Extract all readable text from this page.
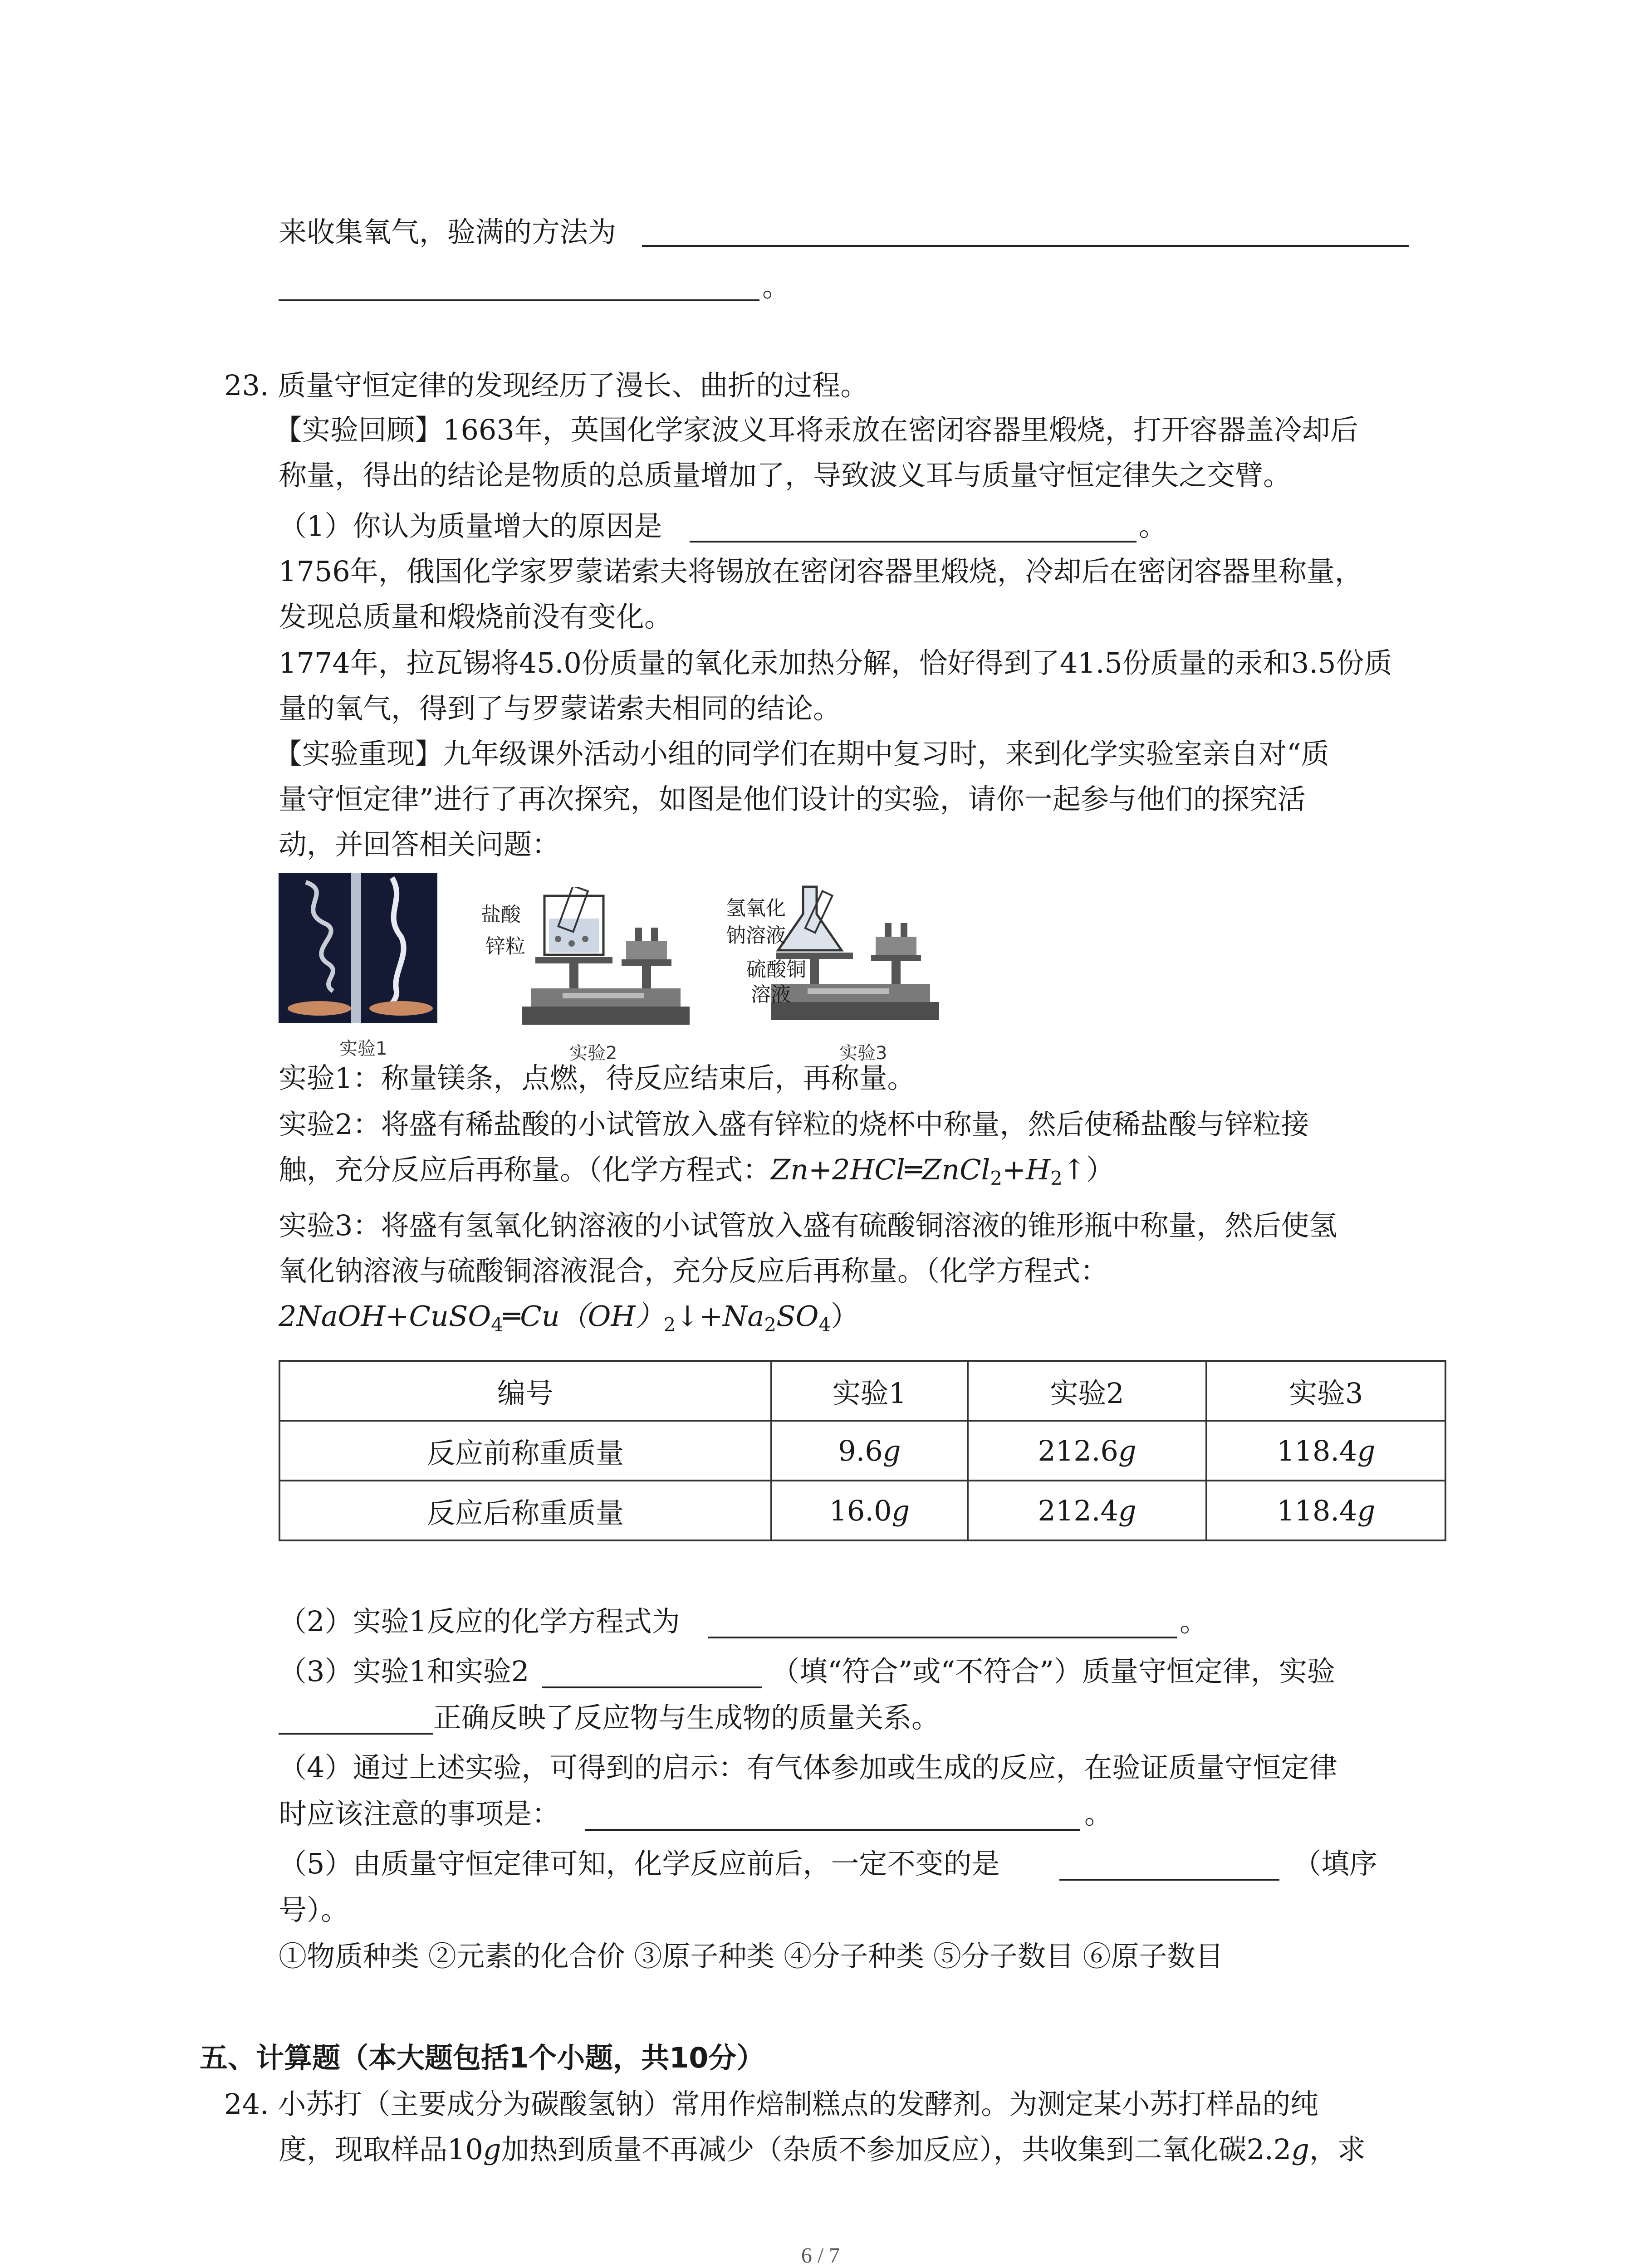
来收集氧气，验满的方法为
。
23. 质量守恒定律的发现经历了漫长、曲折的过程。
【实验回顾】1663年，英国化学家波义耳将汞放在密闭容器里煅烧，打开容器盖冷却后
称量，得出的结论是物质的总质量增加了，导致波义耳与质量守恒定律失之交臂。
（1）你认为质量增大的原因是	。
1756年，俄国化学家罗蒙诺索夫将锡放在密闭容器里煅烧，冷却后在密闭容器里称量，
发现总质量和煅烧前没有变化。
1774年，拉瓦锡将45.0份质量的氧化汞加热分解，恰好得到了41.5份质量的汞和3.5份质
量的氧气，得到了与罗蒙诺索夫相同的结论。
【实验重现】九年级课外活动小组的同学们在期中复习时，来到化学实验室亲自对“质
量守恒定律”进行了再次探究，如图是他们设计的实验，请你一起参与他们的探究活
动，并回答相关问题：
实验1
盐酸
锌粒
实验2
氢氧化
钠溶液
硫酸铜
溶液
实验3
实验1：称量镁条，点燃，待反应结束后，再称量。
实验2：将盛有稀盐酸的小试管放入盛有锌粒的烧杯中称量，然后使稀盐酸与锌粒接
触，充分反应后再称量。（化学方程式：$Zn+2HCl═ZnCl_2+H_2↑$）
实验3：将盛有氢氧化钠溶液的小试管放入盛有硫酸铜溶液的锥形瓶中称量，然后使氢
氧化钠溶液与硫酸铜溶液混合，充分反应后再称量。（化学方程式：
$2NaOH+CuSO_4═Cu(OH)_2↓+Na_2SO_4$）
编号	实验1	实验2	实验3
反应前称重质量	9.6g	212.6g	118.4g
反应后称重质量	16.0g	212.4g	118.4g
（2）实验1反应的化学方程式为	。
（3）实验1和实验2	（填“符合”或“不符合”）质量守恒定律，实验
正确反映了反应物与生成物的质量关系。
（4）通过上述实验，可得到的启示：有气体参加或生成的反应，在验证质量守恒定律
时应该注意的事项是：	。
（5）由质量守恒定律可知，化学反应前后，一定不变的是	（填序
号）。
①物质种类 ②元素的化合价 ③原子种类 ④分子种类 ⑤分子数目 ⑥原子数目
五、计算题（本大题包括1个小题，共10分）
24. 小苏打（主要成分为碳酸氢钠）常用作焙制糕点的发酵剂。为测定某小苏打样品的纯
度，现取样品10g加热到质量不再减少（杂质不参加反应），共收集到二氧化碳2.2g，求
6 / 7
